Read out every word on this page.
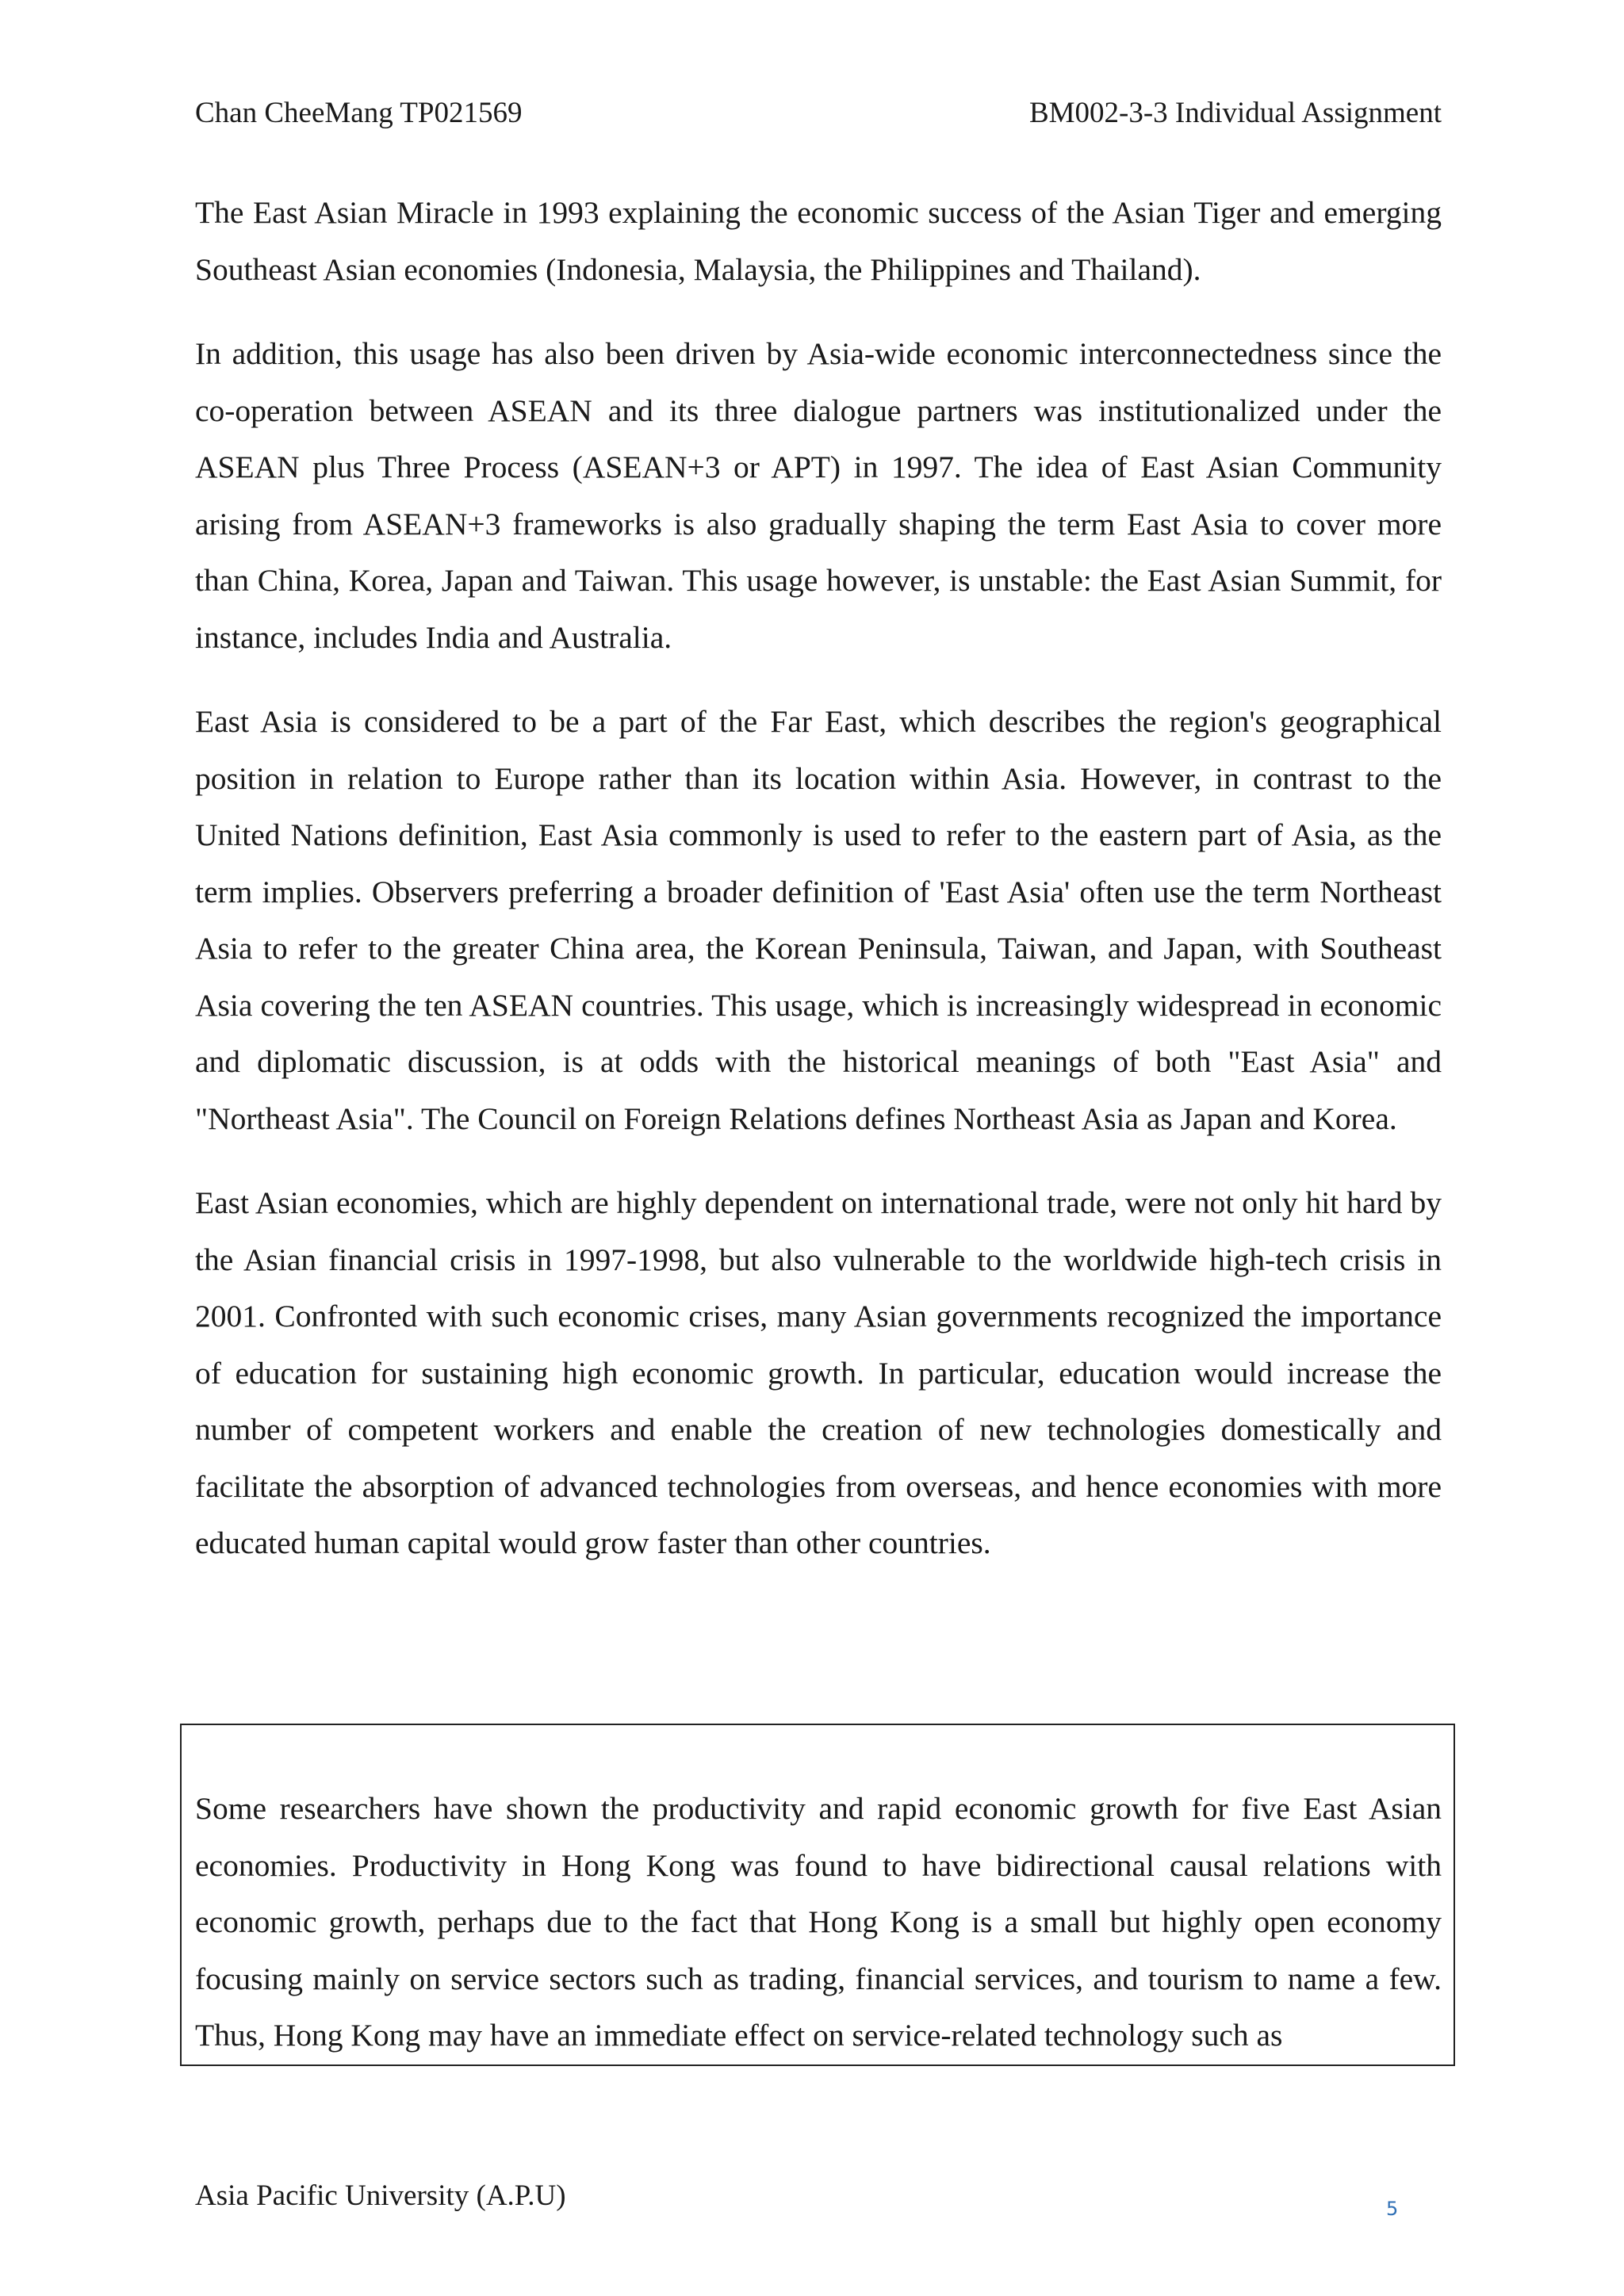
Chan CheeMang TP021569	BM002-3-3 Individual Assignment

The East Asian Miracle in 1993 explaining the economic success of the Asian Tiger and emerging Southeast Asian economies (Indonesia, Malaysia, the Philippines and Thailand).

In addition, this usage has also been driven by Asia-wide economic interconnectedness since the co-operation between ASEAN and its three dialogue partners was institutionalized under the ASEAN plus Three Process (ASEAN+3 or APT) in 1997. The idea of East Asian Community arising from ASEAN+3 frameworks is also gradually shaping the term East Asia to cover more than China, Korea, Japan and Taiwan. This usage however, is unstable: the East Asian Summit, for instance, includes India and Australia.

East Asia is considered to be a part of the Far East, which describes the region's geographical position in relation to Europe rather than its location within Asia. However, in contrast to the United Nations definition, East Asia commonly is used to refer to the eastern part of Asia, as the term implies. Observers preferring a broader definition of 'East Asia' often use the term Northeast Asia to refer to the greater China area, the Korean Peninsula, Taiwan, and Japan, with Southeast Asia covering the ten ASEAN countries. This usage, which is increasingly widespread in economic and diplomatic discussion, is at odds with the historical meanings of both "East Asia" and "Northeast Asia". The Council on Foreign Relations defines Northeast Asia as Japan and Korea.

East Asian economies, which are highly dependent on international trade, were not only hit hard by the Asian financial crisis in 1997-1998, but also vulnerable to the worldwide high-tech crisis in 2001. Confronted with such economic crises, many Asian governments recognized the importance of education for sustaining high economic growth. In particular, education would increase the number of competent workers and enable the creation of new technologies domestically and facilitate the absorption of advanced technologies from overseas, and hence economies with more educated human capital would grow faster than other countries.

Some researchers have shown the productivity and rapid economic growth for five East Asian economies. Productivity in Hong Kong was found to have bidirectional causal relations with economic growth, perhaps due to the fact that Hong Kong is a small but highly open economy focusing mainly on service sectors such as trading, financial services, and tourism to name a few. Thus, Hong Kong may have an immediate effect on service-related technology such as

Asia Pacific University (A.P.U)	5
